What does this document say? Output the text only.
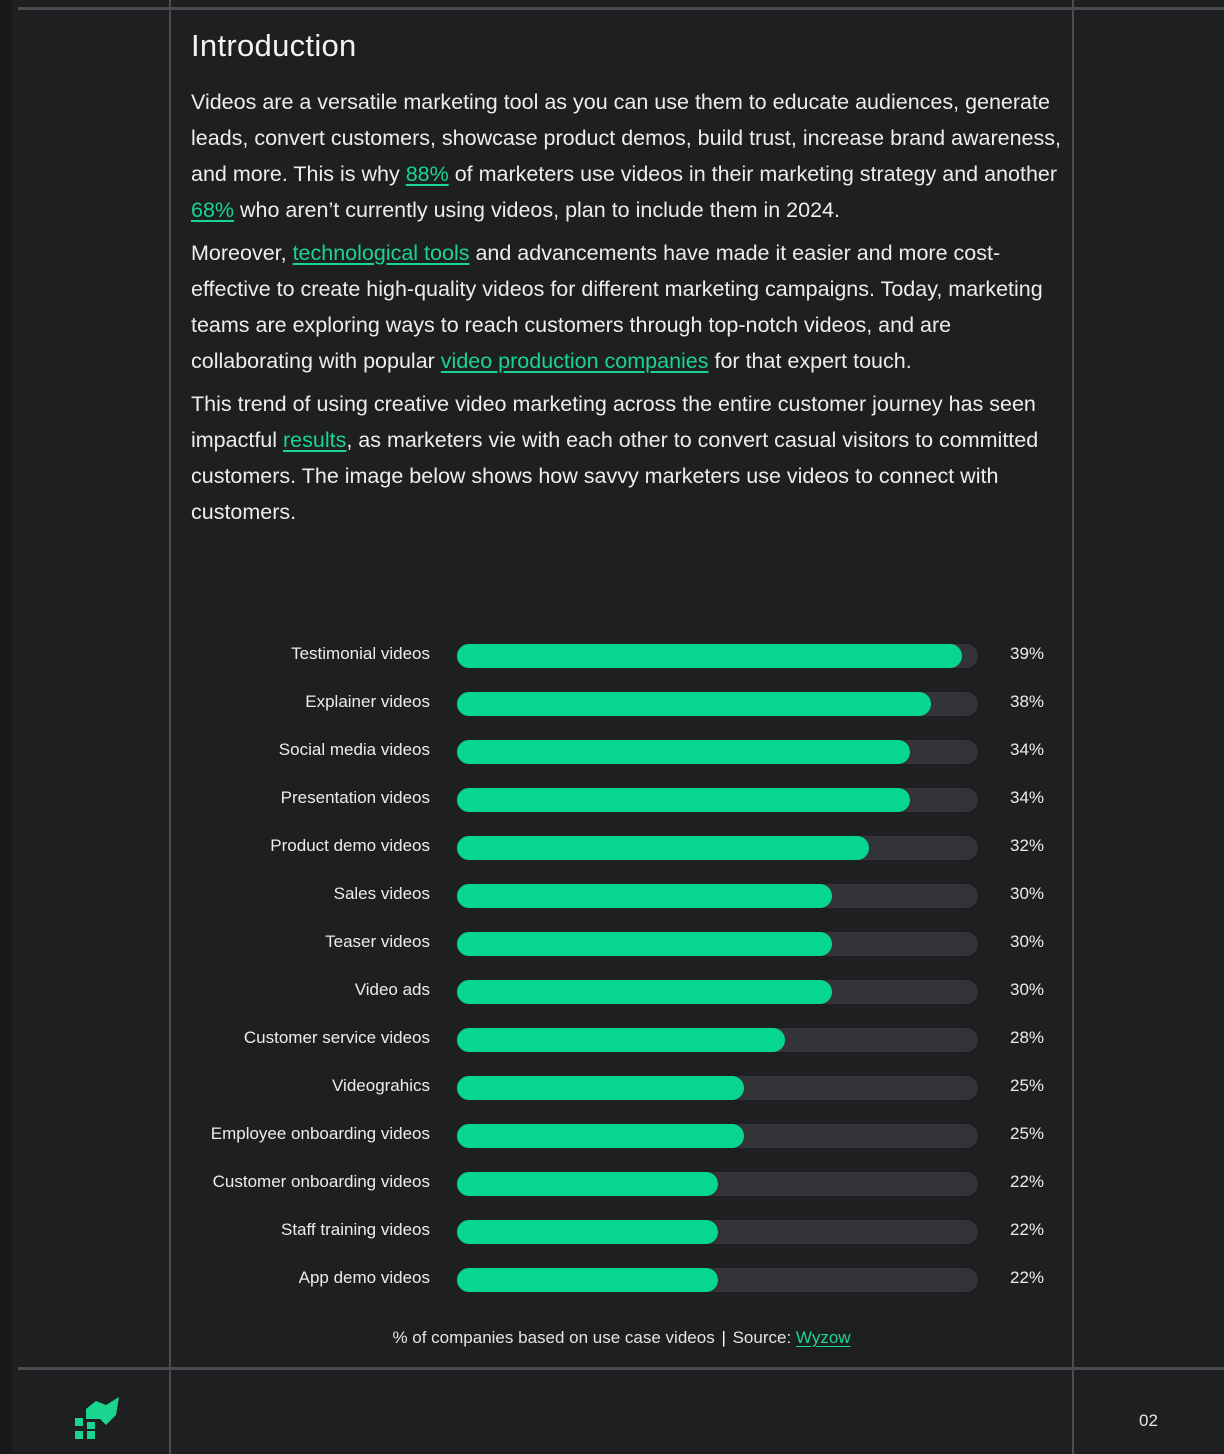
Introduction

Videos are a versatile marketing tool as you can use them to educate audiences, generate leads, convert customers, showcase product demos, build trust, increase brand awareness, and more. This is why 88% of marketers use videos in their marketing strategy and another 68% who aren’t currently using videos, plan to include them in 2024.

Moreover, technological tools and advancements have made it easier and more cost-effective to create high-quality videos for different marketing campaigns. Today, marketing teams are exploring ways to reach customers through top-notch videos, and are collaborating with popular video production companies for that expert touch.

This trend of using creative video marketing across the entire customer journey has seen impactful results, as marketers vie with each other to convert casual visitors to committed customers. The image below shows how savvy marketers use videos to connect with customers.

Testimonial videos	39%
Explainer videos	38%
Social media videos	34%
Presentation videos	34%
Product demo videos	32%
Sales videos	30%
Teaser videos	30%
Video ads	30%
Customer service videos	28%
Videograhics	25%
Employee onboarding videos	25%
Customer onboarding videos	22%
Staff training videos	22%
App demo videos	22%
% of companies based on use case videos | Source: Wyzow
02
